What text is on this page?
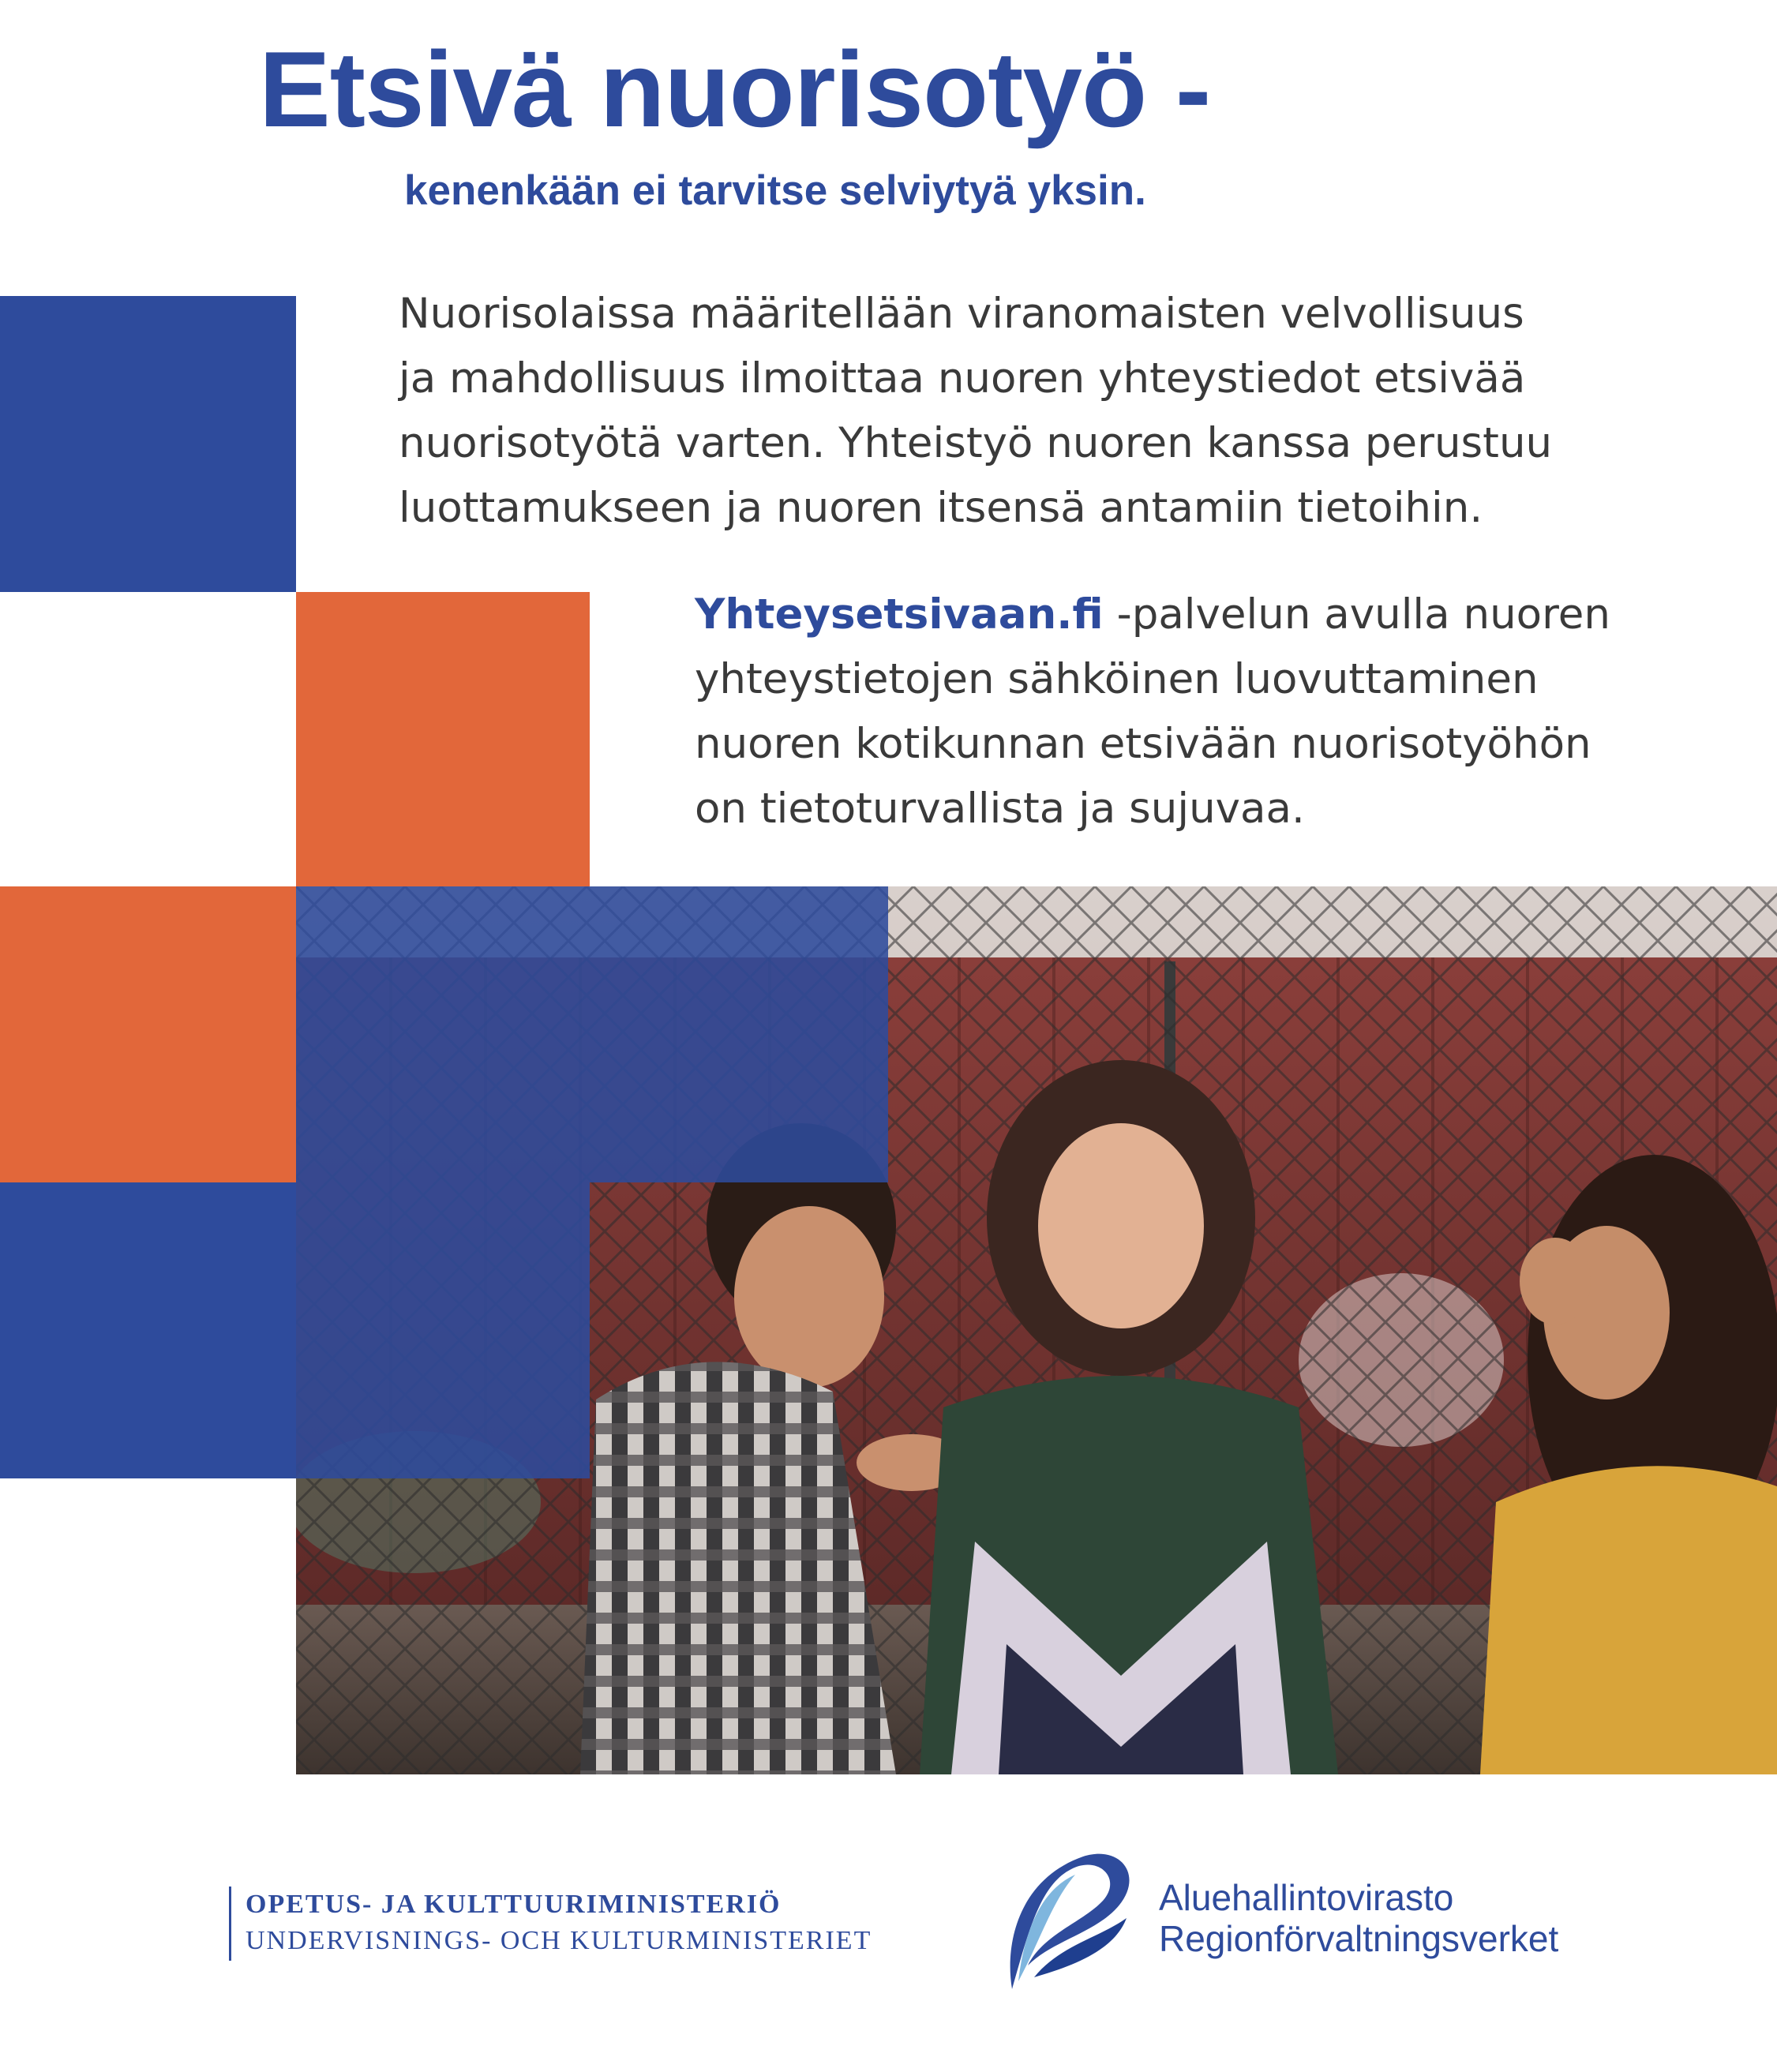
Etsivä nuorisotyö -
kenenkään ei tarvitse selviytyä yksin.
Nuorisolaissa määritellään viranomaisten velvollisuus
ja mahdollisuus ilmoittaa nuoren yhteystiedot etsivää
nuorisotyötä varten. Yhteistyö nuoren kanssa perustuu
luottamukseen ja nuoren itsensä antamiin tietoihin.
Yhteysetsivaan.fi -palvelun avulla nuoren
yhteystietojen sähköinen luovuttaminen
nuoren kotikunnan etsivään nuorisotyöhön
on tietoturvallista ja sujuvaa.
OPETUS- JA KULTTUURIMINISTERIÖ
UNDERVISNINGS- OCH KULTURMINISTERIET
Aluehallintovirasto
Regionförvaltningsverket
